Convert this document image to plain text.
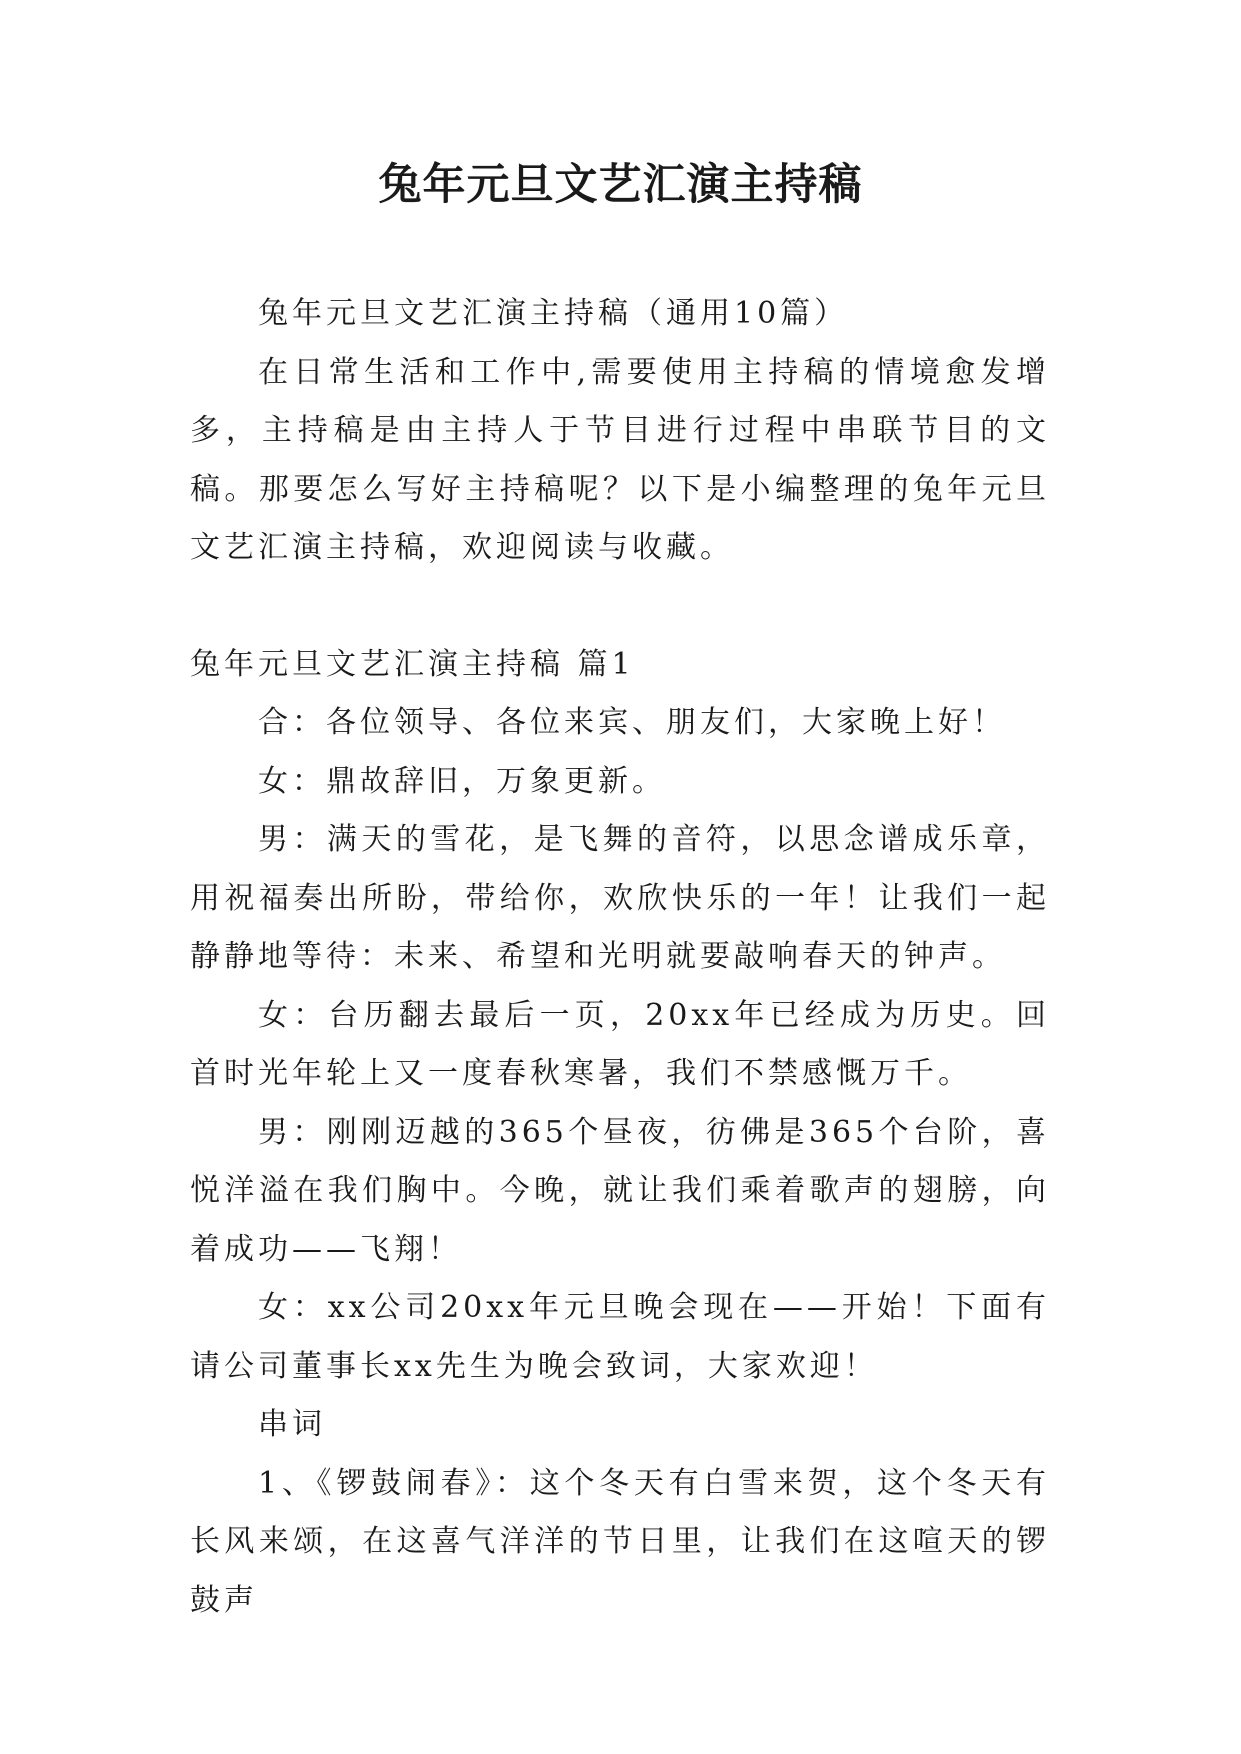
兔年元旦文艺汇演主持稿

兔年元旦文艺汇演主持稿（通用10篇）

在日常生活和工作中,需要使用主持稿的情境愈发增多，主持稿是由主持人于节目进行过程中串联节目的文稿。那要怎么写好主持稿呢？以下是小编整理的兔年元旦文艺汇演主持稿，欢迎阅读与收藏。

兔年元旦文艺汇演主持稿 篇1

合：各位领导、各位来宾、朋友们，大家晚上好！

女：鼎故辞旧，万象更新。

男：满天的雪花，是飞舞的音符，以思念谱成乐章，用祝福奏出所盼，带给你，欢欣快乐的一年！让我们一起静静地等待：未来、希望和光明就要敲响春天的钟声。

女：台历翻去最后一页，20xx年已经成为历史。回首时光年轮上又一度春秋寒暑，我们不禁感慨万千。

男：刚刚迈越的365个昼夜，彷佛是365个台阶，喜悦洋溢在我们胸中。今晚，就让我们乘着歌声的翅膀，向着成功——飞翔！

女：xx公司20xx年元旦晚会现在——开始！下面有请公司董事长xx先生为晚会致词，大家欢迎！

串词

1、《锣鼓闹春》：这个冬天有白雪来贺，这个冬天有长风来颂，在这喜气洋洋的节日里，让我们在这喧天的锣鼓声
